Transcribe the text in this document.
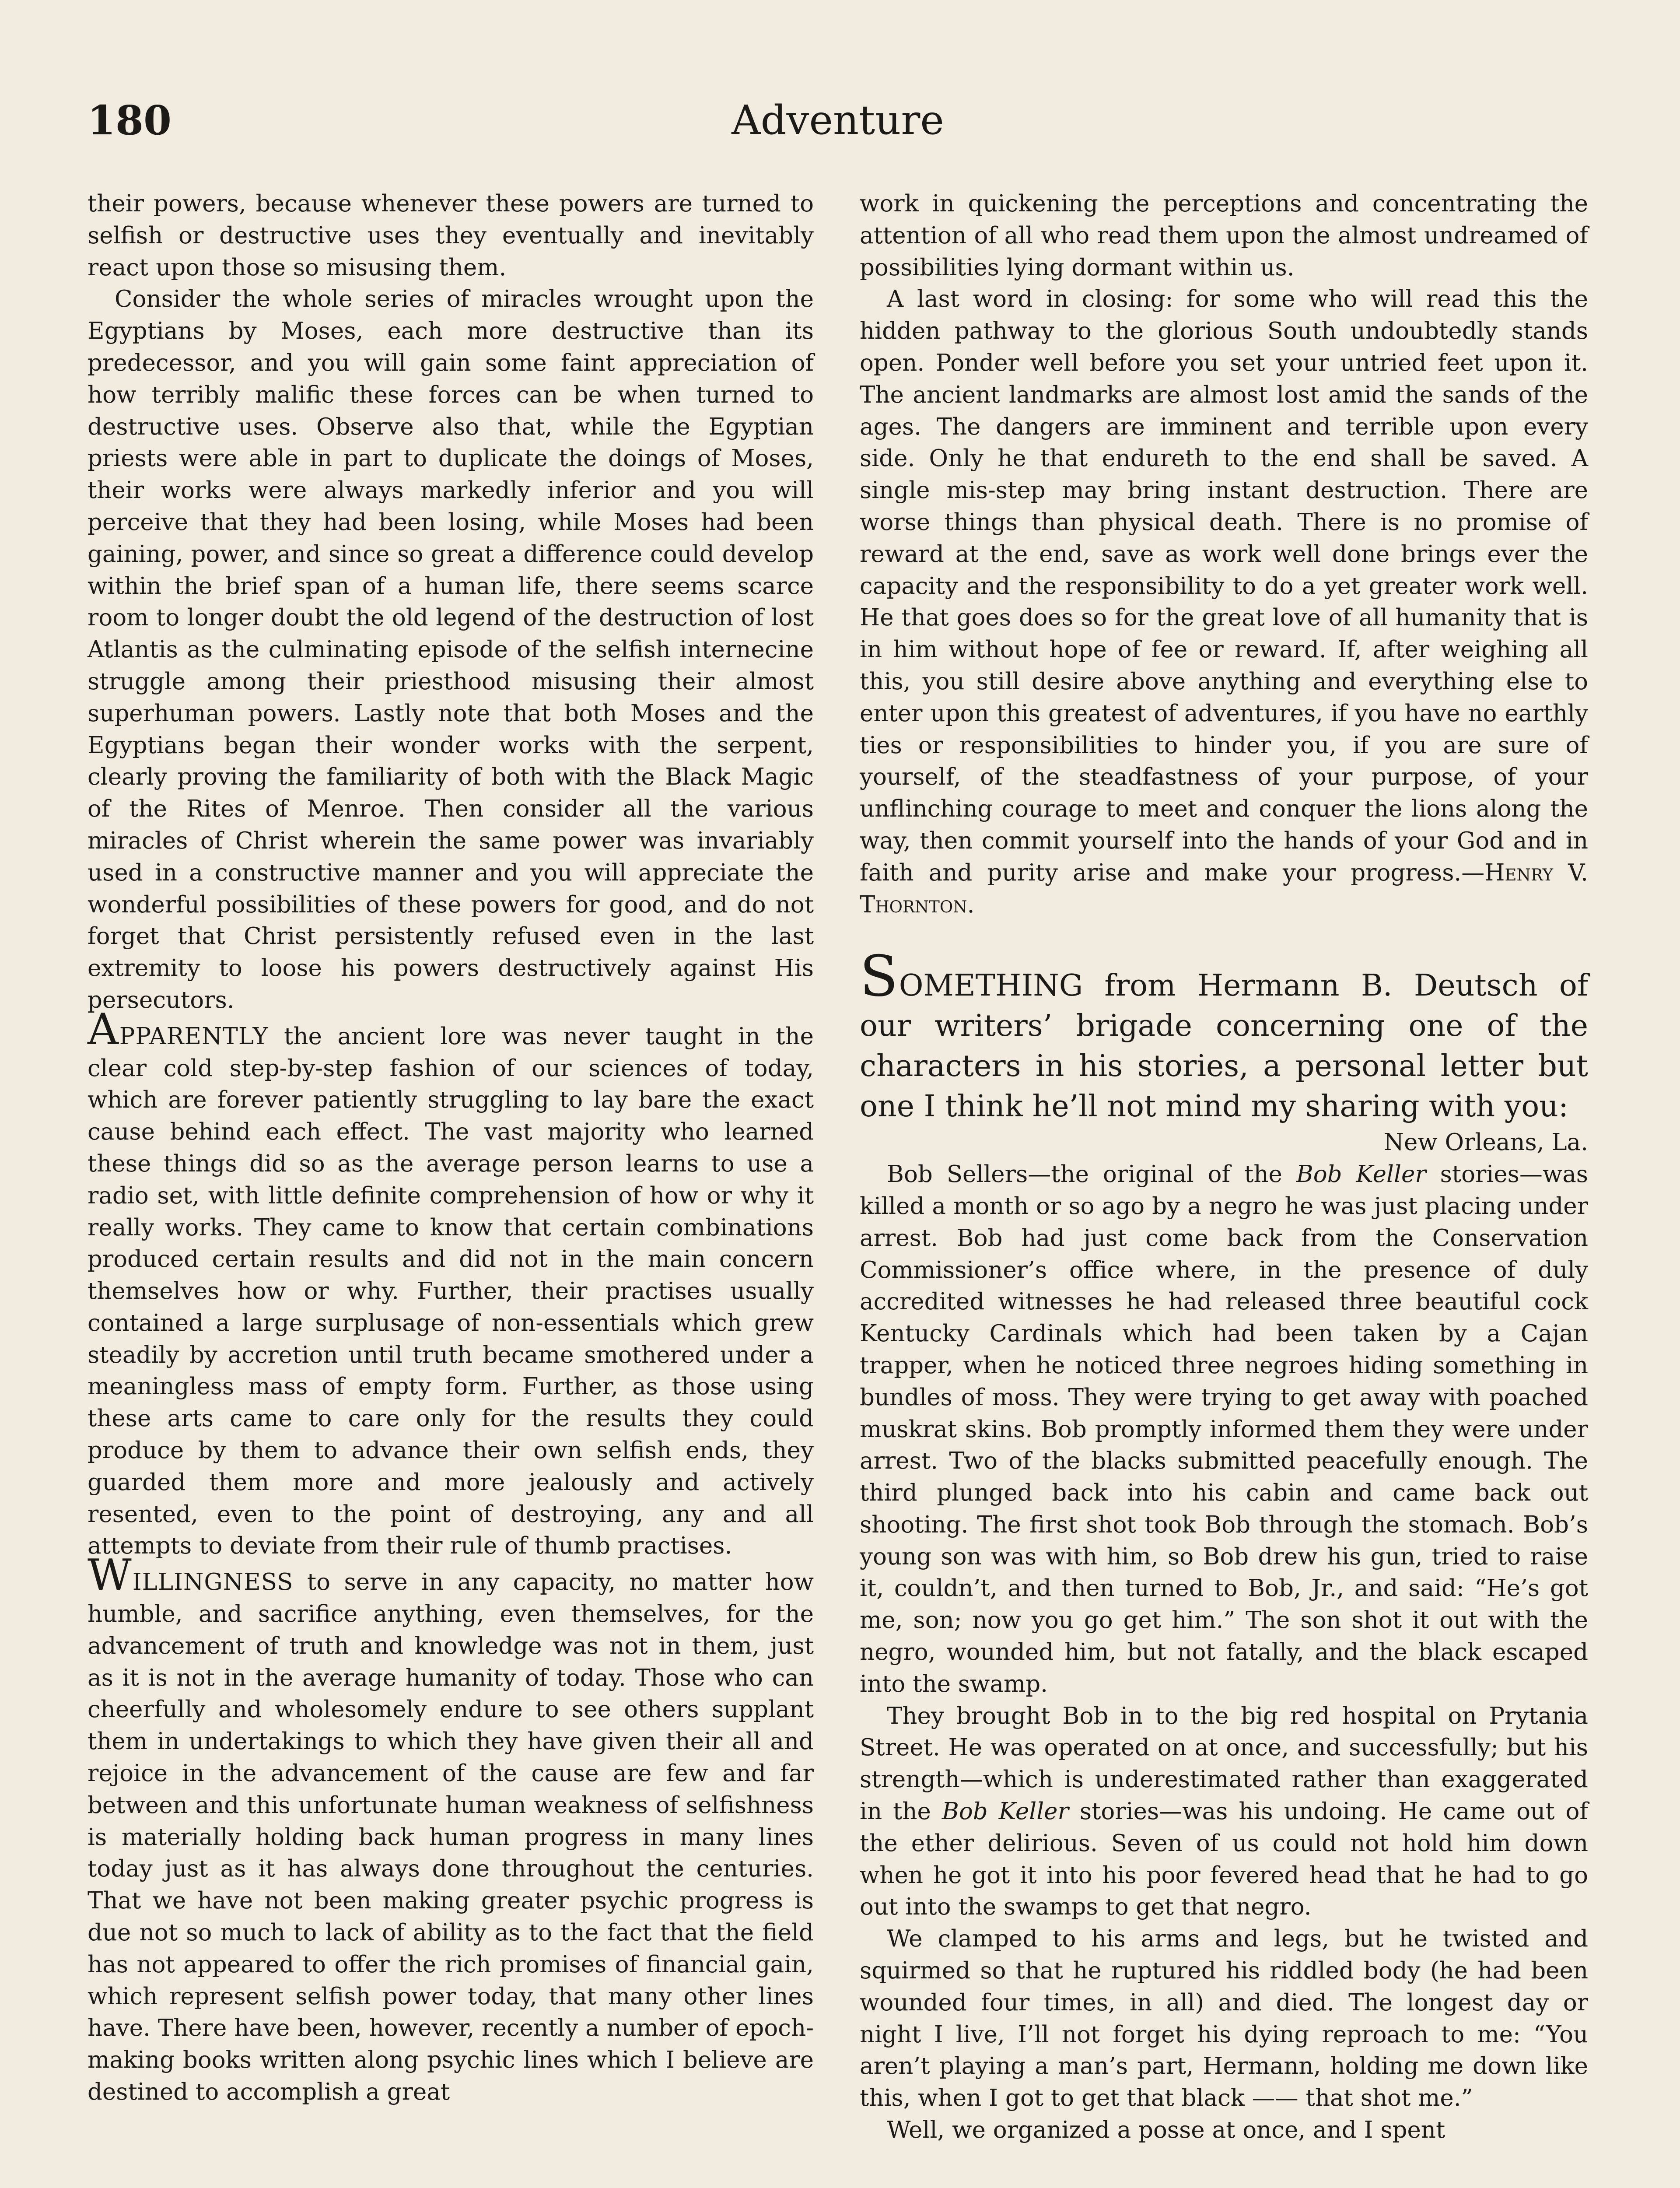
180	Adventure

their powers, because whenever these powers are turned to selfish or destructive uses they eventually and inevitably react upon those so misusing them.

Consider the whole series of miracles wrought upon the Egyptians by Moses, each more destructive than its predecessor, and you will gain some faint appreciation of how terribly malific these forces can be when turned to destructive uses. Observe also that, while the Egyptian priests were able in part to duplicate the doings of Moses, their works were always markedly inferior and you will perceive that they had been losing, while Moses had been gaining, power, and since so great a difference could develop within the brief span of a human life, there seems scarce room to longer doubt the old legend of the destruction of lost Atlantis as the culminating episode of the selfish internecine struggle among their priesthood misusing their almost superhuman powers. Lastly note that both Moses and the Egyptians began their wonder works with the serpent, clearly proving the familiarity of both with the Black Magic of the Rites of Menroe. Then consider all the various miracles of Christ wherein the same power was invariably used in a constructive manner and you will appreciate the wonderful possibilities of these powers for good, and do not forget that Christ persistently refused even in the last extremity to loose his powers destructively against His persecutors.

APPARENTLY the ancient lore was never taught in the clear cold step-by-step fashion of our sciences of today, which are forever patiently struggling to lay bare the exact cause behind each effect. The vast majority who learned these things did so as the average person learns to use a radio set, with little definite comprehension of how or why it really works. They came to know that certain combinations produced certain results and did not in the main concern themselves how or why. Further, their practises usually contained a large surplusage of non-essentials which grew steadily by accretion until truth became smothered under a meaningless mass of empty form. Further, as those using these arts came to care only for the results they could produce by them to advance their own selfish ends, they guarded them more and more jealously and actively resented, even to the point of destroying, any and all attempts to deviate from their rule of thumb practises.

WILLINGNESS to serve in any capacity, no matter how humble, and sacrifice anything, even themselves, for the advancement of truth and knowledge was not in them, just as it is not in the average humanity of today. Those who can cheerfully and wholesomely endure to see others supplant them in undertakings to which they have given their all and rejoice in the advancement of the cause are few and far between and this unfortunate human weakness of selfishness is materially holding back human progress in many lines today just as it has always done throughout the centuries. That we have not been making greater psychic progress is due not so much to lack of ability as to the fact that the field has not appeared to offer the rich promises of financial gain, which represent selfish power today, that many other lines have. There have been, however, recently a number of epoch-making books written along psychic lines which I believe are destined to accomplish a great

work in quickening the perceptions and concentrating the attention of all who read them upon the almost undreamed of possibilities lying dormant within us.

A last word in closing: for some who will read this the hidden pathway to the glorious South undoubtedly stands open. Ponder well before you set your untried feet upon it. The ancient landmarks are almost lost amid the sands of the ages. The dangers are imminent and terrible upon every side. Only he that endureth to the end shall be saved. A single mis-step may bring instant destruction. There are worse things than physical death. There is no promise of reward at the end, save as work well done brings ever the capacity and the responsibility to do a yet greater work well. He that goes does so for the great love of all humanity that is in him without hope of fee or reward. If, after weighing all this, you still desire above anything and everything else to enter upon this greatest of adventures, if you have no earthly ties or responsibilities to hinder you, if you are sure of yourself, of the steadfastness of your purpose, of your unflinching courage to meet and conquer the lions along the way, then commit yourself into the hands of your God and in faith and purity arise and make your progress.—Henry V. Thornton.

SOMETHING from Hermann B. Deutsch of our writers’ brigade concerning one of the characters in his stories, a personal letter but one I think he’ll not mind my sharing with you:

New Orleans, La.

Bob Sellers—the original of the Bob Keller stories—was killed a month or so ago by a negro he was just placing under arrest. Bob had just come back from the Conservation Commissioner’s office where, in the presence of duly accredited witnesses he had released three beautiful cock Kentucky Cardinals which had been taken by a Cajan trapper, when he noticed three negroes hiding something in bundles of moss. They were trying to get away with poached muskrat skins. Bob promptly informed them they were under arrest. Two of the blacks submitted peacefully enough. The third plunged back into his cabin and came back out shooting. The first shot took Bob through the stomach. Bob’s young son was with him, so Bob drew his gun, tried to raise it, couldn’t, and then turned to Bob, Jr., and said: “He’s got me, son; now you go get him.” The son shot it out with the negro, wounded him, but not fatally, and the black escaped into the swamp.

They brought Bob in to the big red hospital on Prytania Street. He was operated on at once, and successfully; but his strength—which is underestimated rather than exaggerated in the Bob Keller stories—was his undoing. He came out of the ether delirious. Seven of us could not hold him down when he got it into his poor fevered head that he had to go out into the swamps to get that negro.

We clamped to his arms and legs, but he twisted and squirmed so that he ruptured his riddled body (he had been wounded four times, in all) and died. The longest day or night I live, I’ll not forget his dying reproach to me: “You aren’t playing a man’s part, Hermann, holding me down like this, when I got to get that black —— that shot me.”

Well, we organized a posse at once, and I spent
